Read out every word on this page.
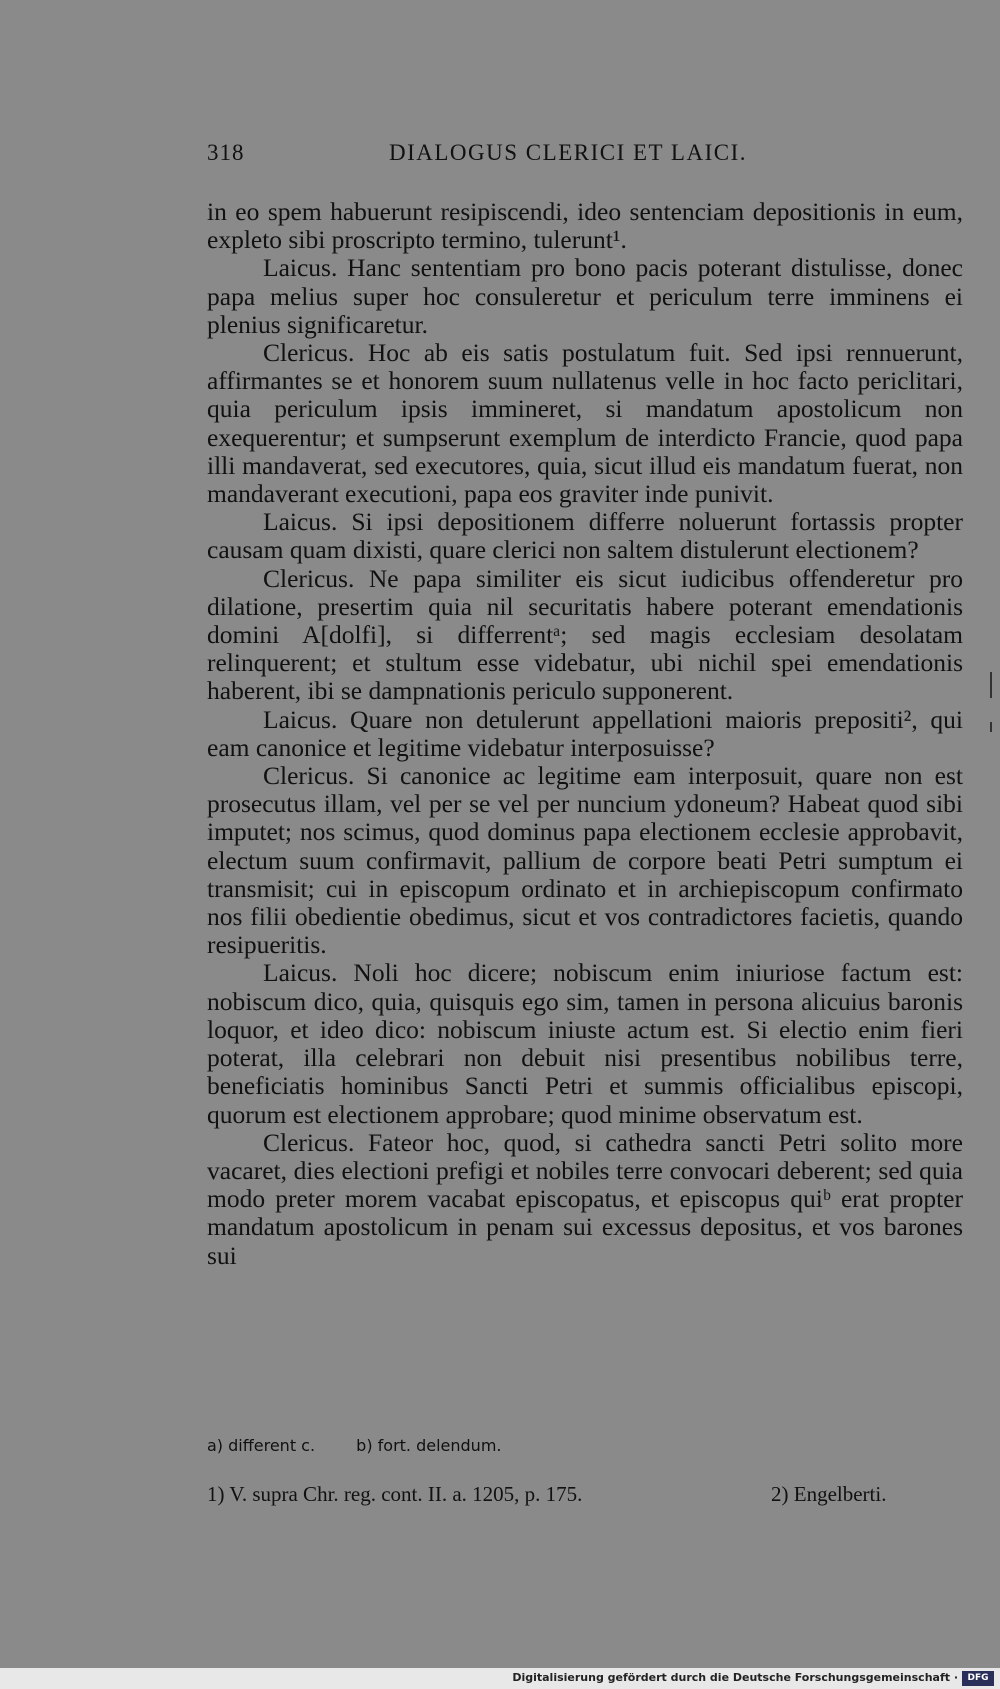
318	DIALOGUS CLERICI ET LAICI.

in eo spem habuerunt resipiscendi, ideo sentenciam depositionis in eum, expleto sibi proscripto termino, tulerunt¹.

Laicus. Hanc sententiam pro bono pacis poterant distulisse, donec papa melius super hoc consuleretur et periculum terre imminens ei plenius significaretur.

Clericus. Hoc ab eis satis postulatum fuit. Sed ipsi rennuerunt, affirmantes se et honorem suum nullatenus velle in hoc facto periclitari, quia periculum ipsis immineret, si mandatum apostolicum non exequerentur; et sumpserunt exemplum de interdicto Francie, quod papa illi mandaverat, sed executores, quia, sicut illud eis mandatum fuerat, non mandaverant executioni, papa eos graviter inde punivit.

Laicus. Si ipsi depositionem differre noluerunt fortassis propter causam quam dixisti, quare clerici non saltem distulerunt electionem?

Clericus. Ne papa similiter eis sicut iudicibus offenderetur pro dilatione, presertim quia nil securitatis habere poterant emendationis domini A[dolfi], si differrentᵃ; sed magis ecclesiam desolatam relinquerent; et stultum esse videbatur, ubi nichil spei emendationis haberent, ibi se dampnationis periculo supponerent.

Laicus. Quare non detulerunt appellationi maioris prepositi², qui eam canonice et legitime videbatur interposuisse?

Clericus. Si canonice ac legitime eam interposuit, quare non est prosecutus illam, vel per se vel per nuncium ydoneum? Habeat quod sibi imputet; nos scimus, quod dominus papa electionem ecclesie approbavit, electum suum confirmavit, pallium de corpore beati Petri sumptum ei transmisit; cui in episcopum ordinato et in archiepiscopum confirmato nos filii obedientie obedimus, sicut et vos contradictores facietis, quando resipueritis.

Laicus. Noli hoc dicere; nobiscum enim iniuriose factum est: nobiscum dico, quia, quisquis ego sim, tamen in persona alicuius baronis loquor, et ideo dico: nobiscum iniuste actum est. Si electio enim fieri poterat, illa celebrari non debuit nisi presentibus nobilibus terre, beneficiatis hominibus Sancti Petri et summis officialibus episcopi, quorum est electionem approbare; quod minime observatum est.

Clericus. Fateor hoc, quod, si cathedra sancti Petri solito more vacaret, dies electioni prefigi et nobiles terre convocari deberent; sed quia modo preter morem vacabat episcopatus, et episcopus quiᵇ erat propter mandatum apostolicum in penam sui excessus depositus, et vos barones sui

a) different c.	b) fort. delendum.
1) V. supra Chr. reg. cont. II. a. 1205, p. 175.	2) Engelberti.
Digitalisierung gefördert durch die Deutsche Forschungsgemeinschaft ·	DFG
